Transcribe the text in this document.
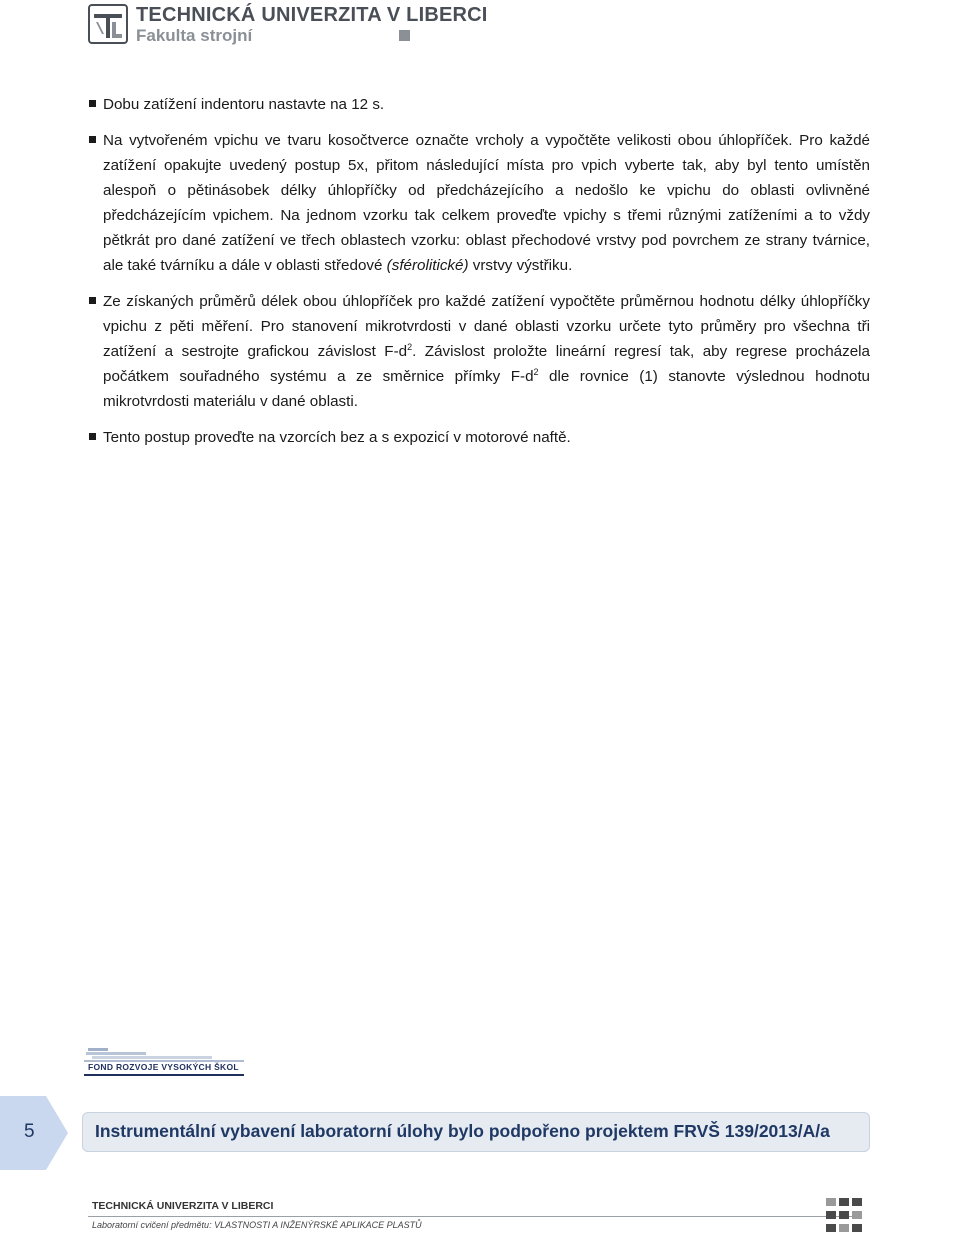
TECHNICKÁ UNIVERZITA V LIBERCI
Fakulta strojní

Dobu zatížení indentoru nastavte na 12 s.

Na vytvořeném vpichu ve tvaru kosočtverce označte vrcholy a vypočtěte velikosti obou úhlopříček. Pro každé zatížení opakujte uvedený postup 5x, přitom následující místa pro vpich vyberte tak, aby byl tento umístěn alespoň o pětinásobek délky úhlopříčky od předcházejícího a nedošlo ke vpichu do oblasti ovlivněné předcházejícím vpichem. Na jednom vzorku tak celkem proveďte vpichy s třemi různými zatíženími a to vždy pětkrát pro dané zatížení ve třech oblastech vzorku: oblast přechodové vrstvy pod povrchem ze strany tvárnice, ale také tvárníku a dále v oblasti středové (sférolitické) vrstvy výstřiku.

Ze získaných průměrů délek obou úhlopříček pro každé zatížení vypočtěte průměrnou hodnotu délky úhlopříčky vpichu z pěti měření. Pro stanovení mikrotvrdosti v dané oblasti vzorku určete tyto průměry pro všechna tři zatížení a sestrojte grafickou závislost $F-d^2$. Závislost proložte lineární regresí tak, aby regrese procházela počátkem souřadného systému a ze směrnice přímky $F-d^2$ dle rovnice (1) stanovte výslednou hodnotu mikrotvrdosti materiálu v dané oblasti.

Tento postup proveďte na vzorcích bez a s expozicí v motorové naftě.

FOND ROZVOJE VYSOKÝCH ŠKOL
5	Instrumentální vybavení laboratorní úlohy bylo podpořeno projektem FRVŠ 139/2013/A/a
TECHNICKÁ UNIVERZITA V LIBERCI
Laboratorní cvičení předmětu: VLASTNOSTI A INŽENÝRSKÉ APLIKACE PLASTŮ
